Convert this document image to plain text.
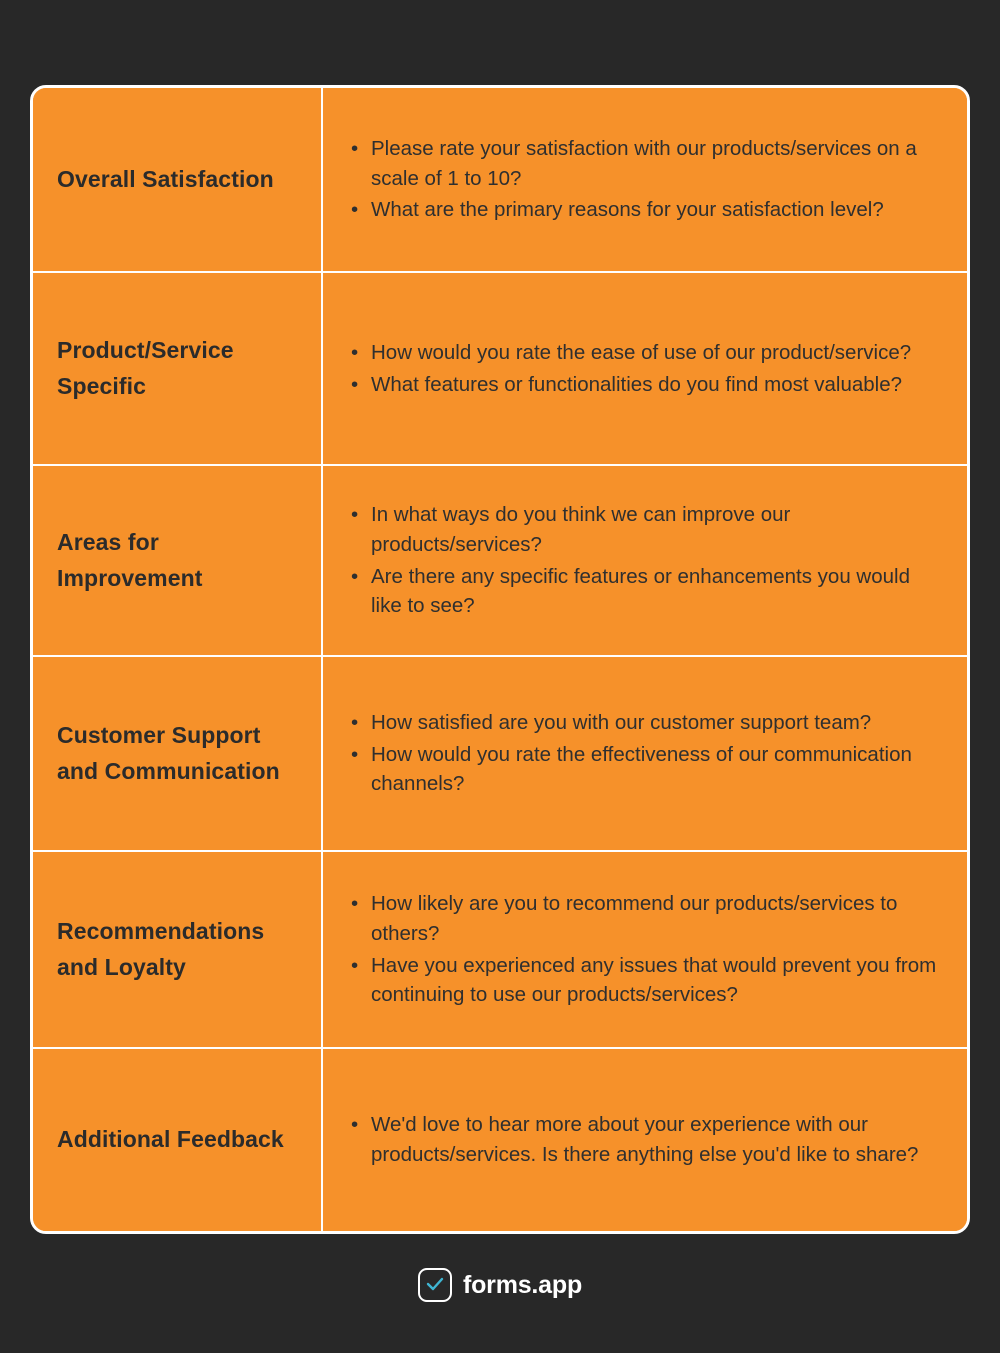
Overall Satisfaction
• Please rate your satisfaction with our products/services on a scale of 1 to 10?
• What are the primary reasons for your satisfaction level?
Product/Service Specific
• How would you rate the ease of use of our product/service?
• What features or functionalities do you find most valuable?
Areas for Improvement
• In what ways do you think we can improve our products/services?
• Are there any specific features or enhancements you would like to see?
Customer Support and Communication
• How satisfied are you with our customer support team?
• How would you rate the effectiveness of our communication channels?
Recommendations and Loyalty
• How likely are you to recommend our products/services to others?
• Have you experienced any issues that would prevent you from continuing to use our products/services?
Additional Feedback
• We'd love to hear more about your experience with our products/services. Is there anything else you'd like to share?
forms.app
